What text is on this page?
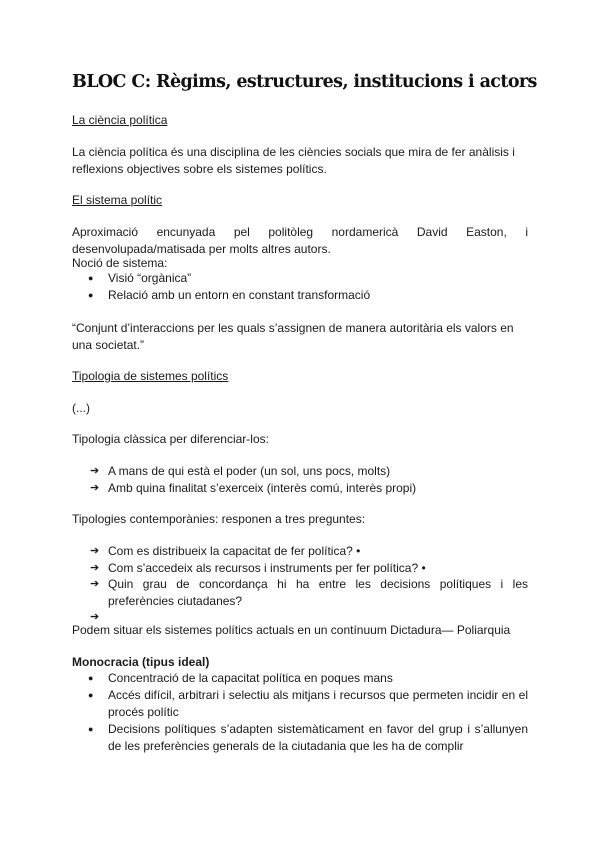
BLOC C: Règims, estructures, institucions i actors
La ciència política
La ciència política és una disciplina de les ciències socials que mira de fer anàlisis i reflexions objectives sobre els sistemes polítics.
El sistema polític
Aproximació encunyada pel politòleg nordamericà David Easton, i desenvolupada/matisada per molts altres autors.
Noció de sistema:
● Visió “orgànica”
● Relació amb un entorn en constant transformació
“Conjunt d’interaccions per les quals s’assignen de manera autoritària els valors en una societat.”
Tipologia de sistemes polítics
(...)
Tipologia clàssica per diferenciar-los:
➔ A mans de qui està el poder (un sol, uns pocs, molts)
➔ Amb quina finalitat s’exerceix (interès comú, interès propi)
Tipologies contemporànies: responen a tres preguntes:
➔ Com es distribueix la capacitat de fer política? •
➔ Com s’accedeix als recursos i instruments per fer política? •
➔ Quin grau de concordança hi ha entre les decisions polítiques i les preferències ciutadanes?
➔
Podem situar els sistemes polítics actuals en un contínuum Dictadura— Poliarquia
Monocracia (tipus ideal)
● Concentració de la capacitat política en poques mans
● Accés difícil, arbitrari i selectiu als mitjans i recursos que permeten incidir en el procés polític
● Decisions polítiques s’adapten sistemàticament en favor del grup i s’allunyen de les preferències generals de la ciutadania que les ha de complir
